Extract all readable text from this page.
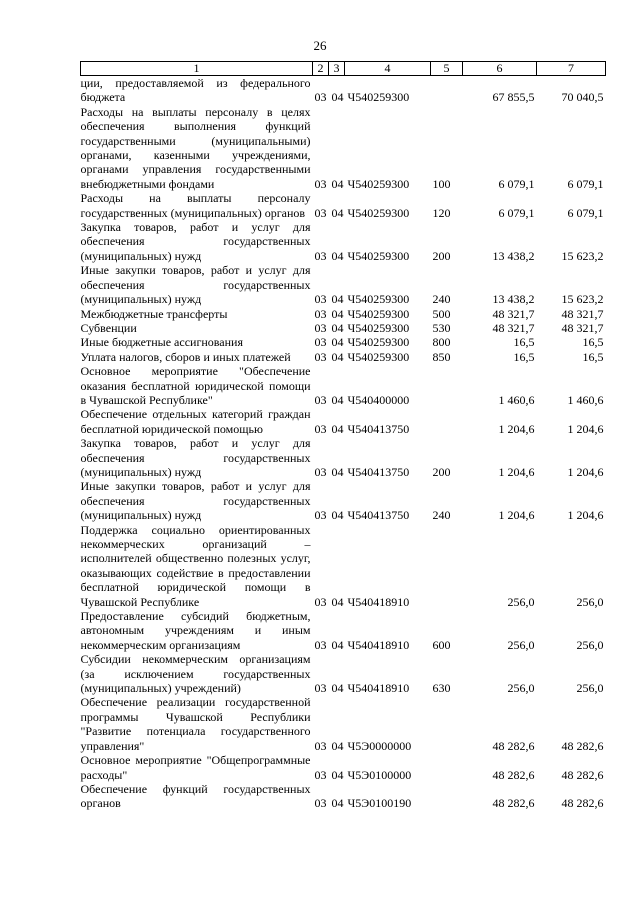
26
1	2	3	4	5	6	7
ции, предоставляемой из федерального бюджета	03	04	Ч540259300		67 855,5	70 040,5
Расходы на выплаты персоналу в целях обеспечения выполнения функций государственными (муниципальными) органами, казенными учреждениями, органами управления государственными внебюджетными фондами	03	04	Ч540259300	100	6 079,1	6 079,1
Расходы на выплаты персоналу государственных (муниципальных) органов	03	04	Ч540259300	120	6 079,1	6 079,1
Закупка товаров, работ и услуг для обеспечения государственных (муниципальных) нужд	03	04	Ч540259300	200	13 438,2	15 623,2
Иные закупки товаров, работ и услуг для обеспечения государственных (муниципальных) нужд	03	04	Ч540259300	240	13 438,2	15 623,2
Межбюджетные трансферты	03	04	Ч540259300	500	48 321,7	48 321,7
Субвенции	03	04	Ч540259300	530	48 321,7	48 321,7
Иные бюджетные ассигнования	03	04	Ч540259300	800	16,5	16,5
Уплата налогов, сборов и иных платежей	03	04	Ч540259300	850	16,5	16,5
Основное мероприятие "Обеспечение оказания бесплатной юридической помощи в Чувашской Республике"	03	04	Ч540400000		1 460,6	1 460,6
Обеспечение отдельных категорий граждан бесплатной юридической помощью	03	04	Ч540413750		1 204,6	1 204,6
Закупка товаров, работ и услуг для обеспечения государственных (муниципальных) нужд	03	04	Ч540413750	200	1 204,6	1 204,6
Иные закупки товаров, работ и услуг для обеспечения государственных (муниципальных) нужд	03	04	Ч540413750	240	1 204,6	1 204,6
Поддержка социально ориентированных некоммерческих организаций – исполнителей общественно полезных услуг, оказывающих содействие в предоставлении бесплатной юридической помощи в Чувашской Республике	03	04	Ч540418910		256,0	256,0
Предоставление субсидий бюджетным, автономным учреждениям и иным некоммерческим организациям	03	04	Ч540418910	600	256,0	256,0
Субсидии некоммерческим организациям (за исключением государственных (муниципальных) учреждений)	03	04	Ч540418910	630	256,0	256,0
Обеспечение реализации государственной программы Чувашской Республики "Развитие потенциала государственного управления"	03	04	Ч5Э0000000		48 282,6	48 282,6
Основное мероприятие "Общепрограммные расходы"	03	04	Ч5Э0100000		48 282,6	48 282,6
Обеспечение функций государственных органов	03	04	Ч5Э0100190		48 282,6	48 282,6
